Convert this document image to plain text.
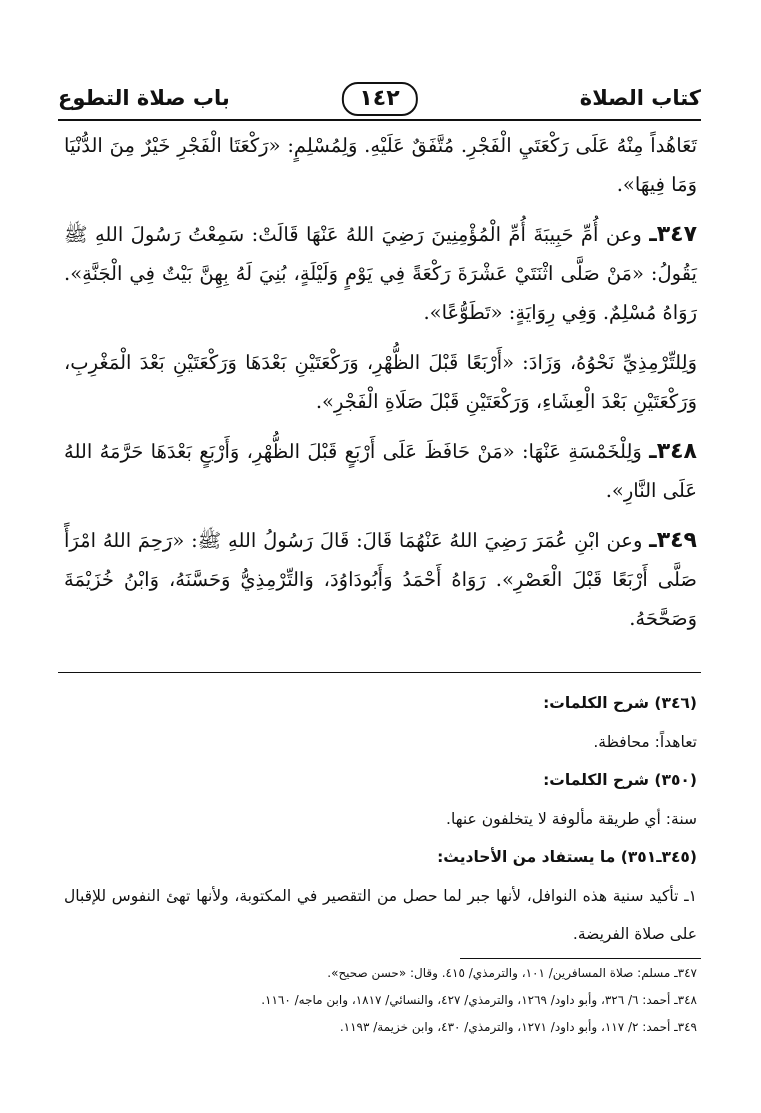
كتاب الصلاة
١٤٢
باب صلاة التطوع

تَعَاهُداً مِنْهُ عَلَى رَكْعَتَيِ الْفَجْرِ. مُتَّفَقٌ عَلَيْهِ. وَلِمُسْلِمٍ: «رَكْعَتَا الْفَجْرِ خَيْرٌ مِنَ الدُّنْيَا وَمَا فِيهَا».

٣٤٧ـ وعن أُمِّ حَبِيبَةَ أُمِّ الْمُؤْمِنِينَ رَضِيَ اللهُ عَنْهَا قَالَتْ: سَمِعْتُ رَسُولَ اللهِ ﷺ يَقُولُ: «مَنْ صَلَّى اثْنَتَيْ عَشْرَةَ رَكْعَةً فِي يَوْمٍ وَلَيْلَةٍ، بُنِيَ لَهُ بِهِنَّ بَيْتٌ فِي الْجَنَّةِ». رَوَاهُ مُسْلِمٌ. وَفِي رِوَايَةٍ: «تَطَوُّعًا».

وَلِلتِّرْمِذِيِّ نَحْوُهُ، وَزَادَ: «أَرْبَعًا قَبْلَ الظُّهْرِ، وَرَكْعَتَيْنِ بَعْدَهَا وَرَكْعَتَيْنِ بَعْدَ الْمَغْرِبِ، وَرَكْعَتَيْنِ بَعْدَ الْعِشَاءِ، وَرَكْعَتَيْنِ قَبْلَ صَلَاةِ الْفَجْرِ».

٣٤٨ـ وَلِلْخَمْسَةِ عَنْهَا: «مَنْ حَافَظَ عَلَى أَرْبَعٍ قَبْلَ الظُّهْرِ، وَأَرْبَعٍ بَعْدَهَا حَرَّمَهُ اللهُ عَلَى النَّارِ».

٣٤٩ـ وعن ابْنِ عُمَرَ رَضِيَ اللهُ عَنْهُمَا قَالَ: قَالَ رَسُولُ اللهِ ﷺ: «رَحِمَ اللهُ امْرَأً صَلَّى أَرْبَعًا قَبْلَ الْعَصْرِ». رَوَاهُ أَحْمَدُ وَأَبُودَاوُدَ، وَالتِّرْمِذِيُّ وَحَسَّنَهُ، وَابْنُ خُزَيْمَةَ وَصَحَّحَهُ.

(٣٤٦) شرح الكلمات:
تعاهداً: محافظة.
(٣٥٠) شرح الكلمات:
سنة: أي طريقة مألوفة لا يتخلفون عنها.
(٣٤٥ـ٣٥١) ما يستفاد من الأحاديث:
١ـ تأكيد سنية هذه النوافل، لأنها جبر لما حصل من التقصير في المكتوبة، ولأنها تهئ النفوس للإقبال على صلاة الفريضة.
٣٤٧ـ مسلم: صلاة المسافرين/ ١٠١، والترمذي/ ٤١٥. وقال: «حسن صحيح».
٣٤٨ـ أحمد: ٦/ ٣٢٦، وأبو داود/ ١٢٦٩، والترمذي/ ٤٢٧، والنسائي/ ١٨١٧، وابن ماجه/ ١١٦٠.
٣٤٩ـ أحمد: ٢/ ١١٧، وأبو داود/ ١٢٧١، والترمذي/ ٤٣٠، وابن خزيمة/ ١١٩٣.
